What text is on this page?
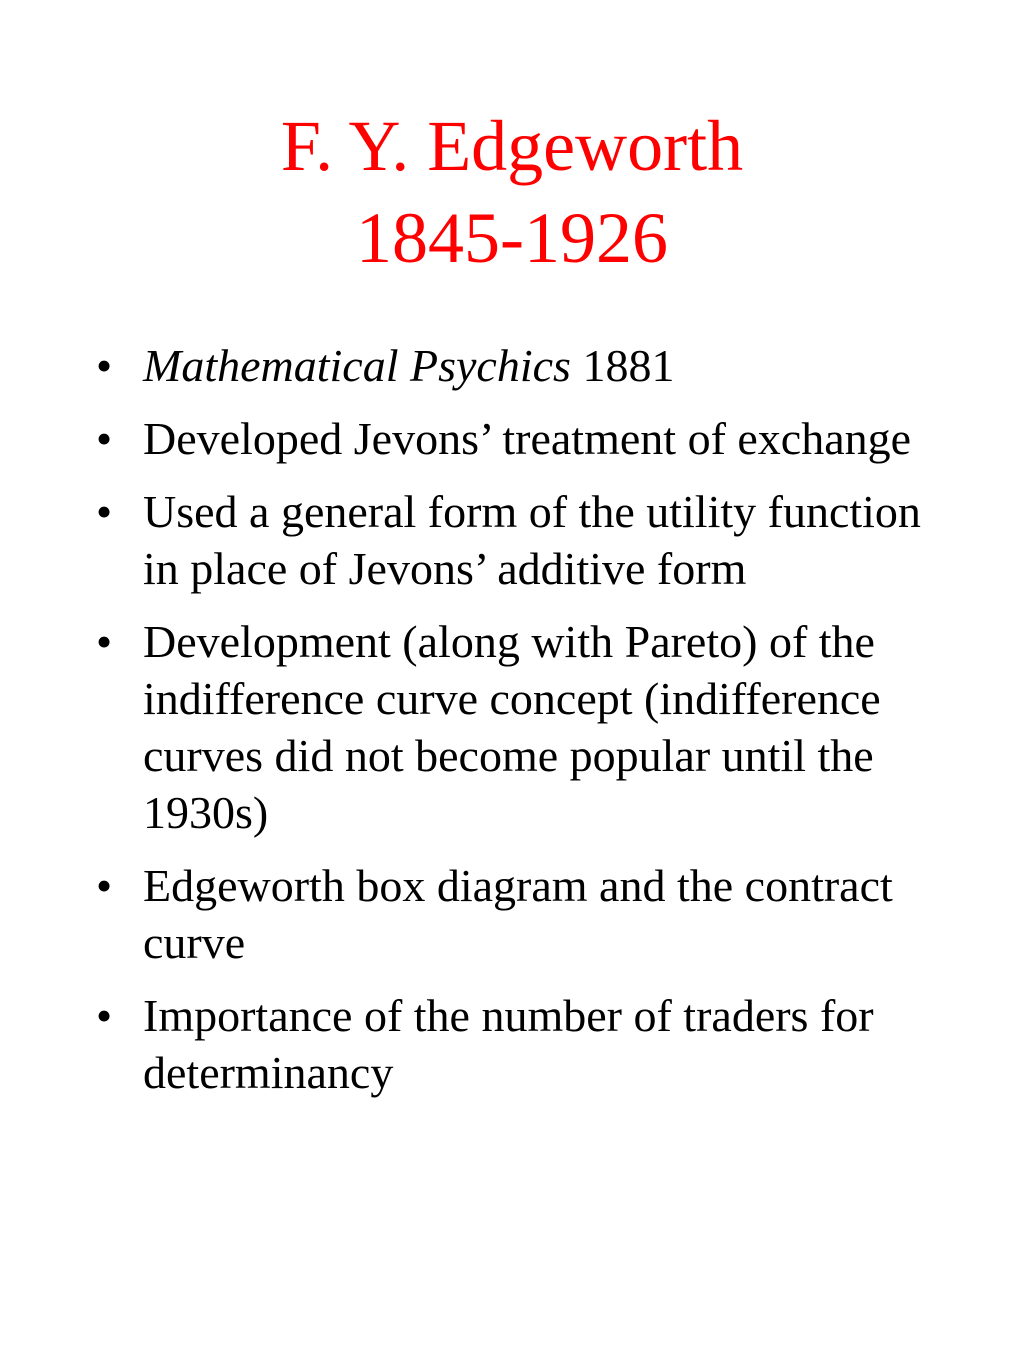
F. Y. Edgeworth
1845-1926
• Mathematical Psychics 1881
• Developed Jevons’ treatment of exchange
• Used a general form of the utility function in place of Jevons’ additive form
• Development (along with Pareto) of the indifference curve concept (indifference curves did not become popular until the 1930s)
• Edgeworth box diagram and the contract curve
• Importance of the number of traders for determinancy
